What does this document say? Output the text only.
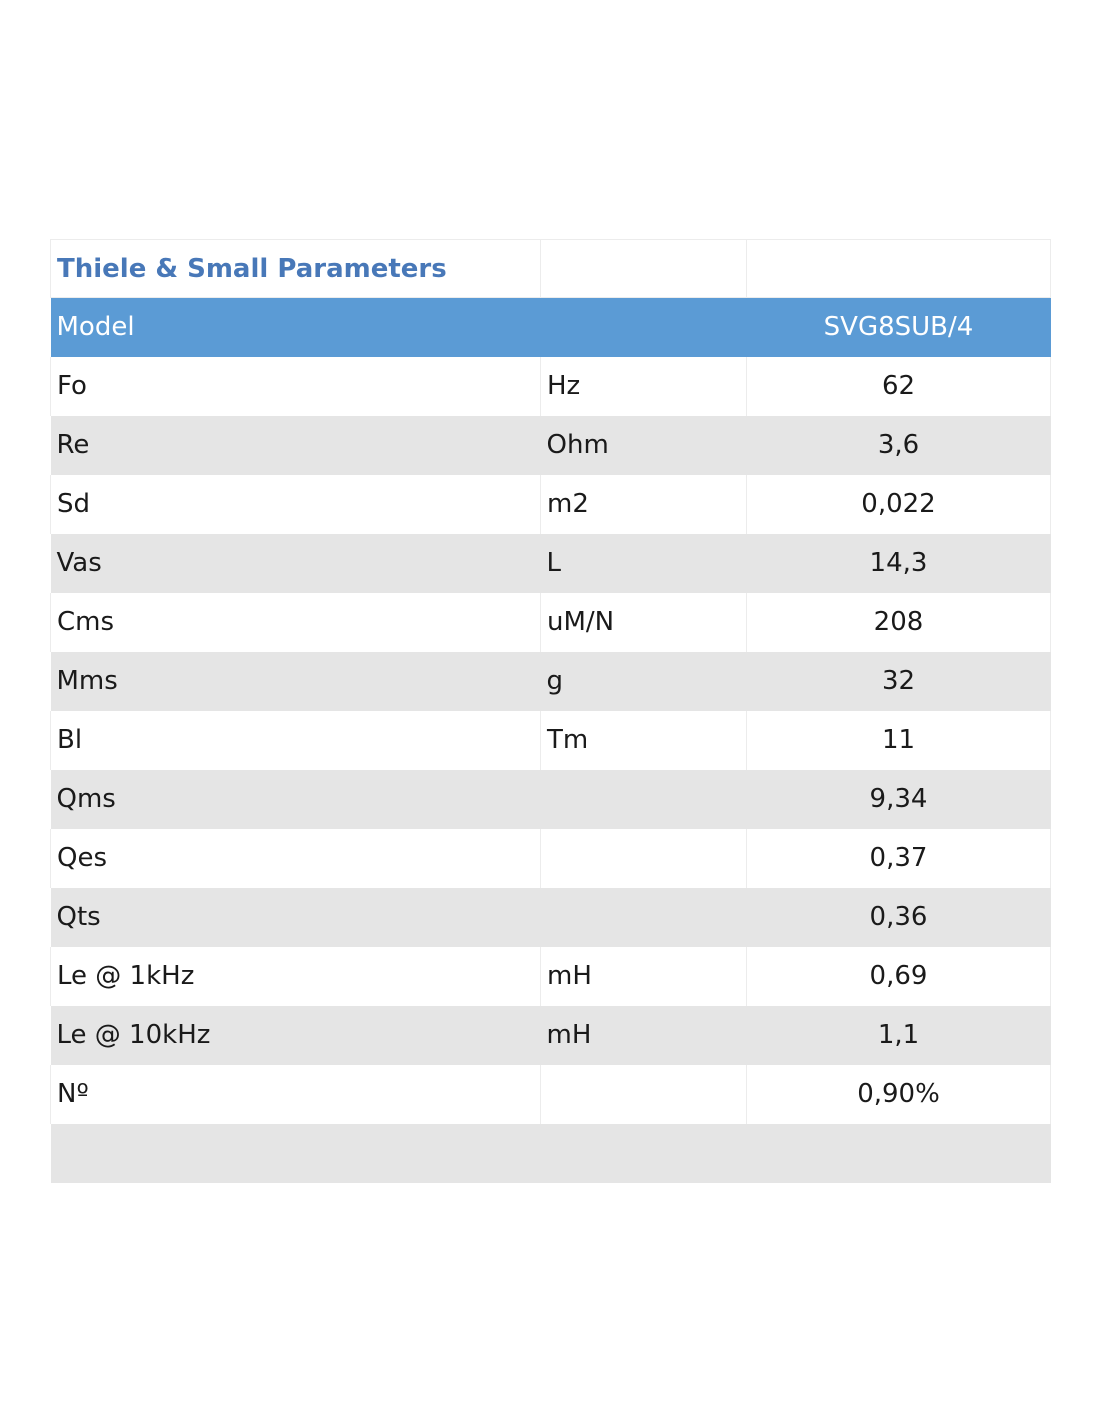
Thiele & Small Parameters		
Model		SVG8SUB/4
Fo	Hz	62
Re	Ohm	3,6
Sd	m2	0,022
Vas	L	14,3
Cms	uM/N	208
Mms	g	32
Bl	Tm	11
Qms		9,34
Qes		0,37
Qts		0,36
Le @ 1kHz	mH	0,69
Le @ 10kHz	mH	1,1
Nº		0,90%
